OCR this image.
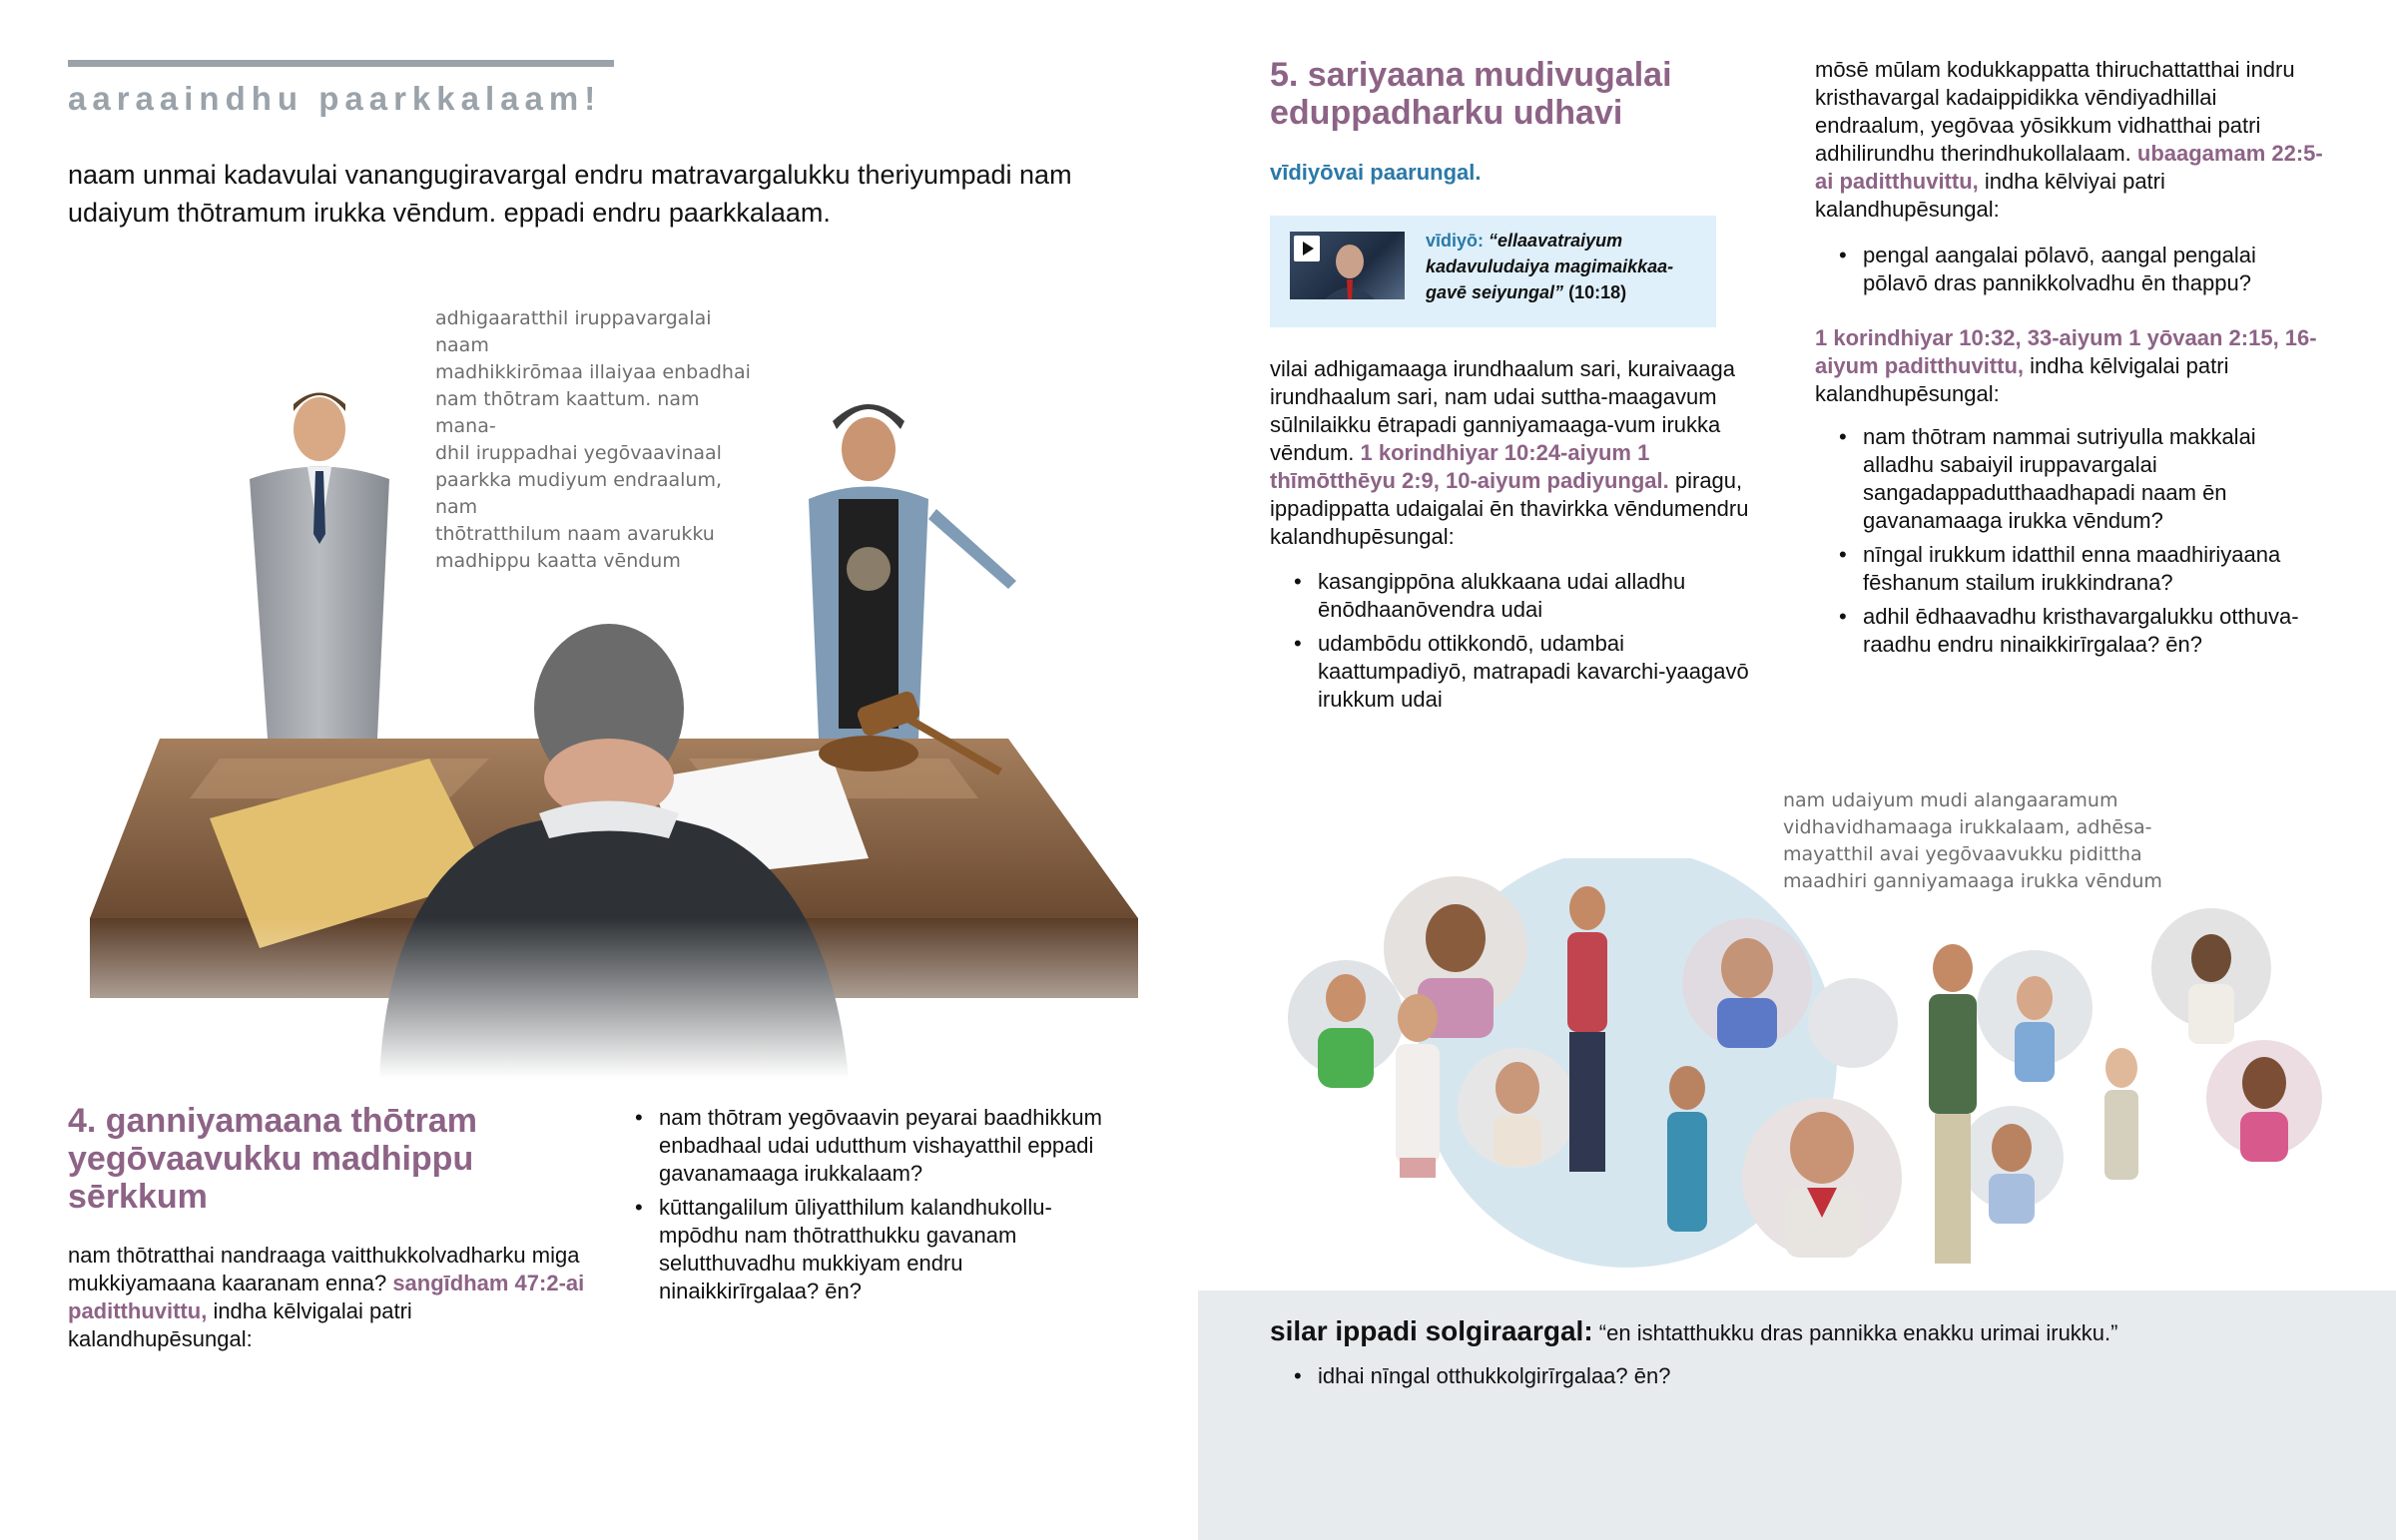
aaraaindhu paarkkalaam!

naam unmai kadavulai vanangugiravargal endru matravargalukku theriyumpadi nam udaiyum thōtramum irukka vēndum. eppadi endru paarkkalaam.

adhigaaratthil iruppavargalai naam
madhikkirōmaa illaiyaa enbadhai
nam thōtram kaattum. nam mana-
dhil iruppadhai yegōvaavinaal
paarkka mudiyum endraalum, nam
thōtratthilum naam avarukku
madhippu kaatta vēndum
4. ganniyamaana thōtram
yegōvaavukku madhippu
sērkkum

nam thōtratthai nandraaga vaitthukkolvadharku miga mukkiyamaana kaaranam enna? sangīdham 47:2-ai paditthuvittu, indha kēlvigalai patri kalandhupēsungal:

• nam thōtram yegōvaavin peyarai baadhikkum enbadhaal udai udutthum vishayatthil eppadi gavanamaaga irukkalaam?
• kūttangalilum ūliyatthilum kalandhukollu-mpōdhu nam thōtratthukku gavanam selutthuvadhu mukkiyam endru ninaikkirīrgalaa? ēn?
5. sariyaana mudivugalai
eduppadharku udhavi
vīdiyōvai paarungal.
vīdiyō: “ellaavatraiyum kadavuludaiya magimaikkaa-gavē seiyungal” (10:18)

vilai adhigamaaga irundhaalum sari, kuraivaaga irundhaalum sari, nam udai suttha-maagavum sūlnilaikku ētrapadi ganniyamaaga-vum irukka vēndum. 1 korindhiyar 10:24-aiyum 1 thīmōtthēyu 2:9, 10-aiyum padiyungal. piragu, ippadippatta udaigalai ēn thavirkka vēndumendru kalandhupēsungal:

• kasangippōna alukkaana udai alladhu ēnōdhaanōvendra udai
• udambōdu ottikkondō, udambai kaattumpadiyō, matrapadi kavarchi-yaagavō irukkum udai

mōsē mūlam kodukkappatta thiruchattatthai indru kristhavargal kadaippidikka vēndiyadhillai endraalum, yegōvaa yōsikkum vidhatthai patri adhilirundhu therindhukollalaam. ubaagamam 22:5-ai paditthuvittu, indha kēlviyai patri kalandhupēsungal:

• pengal aangalai pōlavō, aangal pengalai pōlavō dras pannikkolvadhu ēn thappu?

1 korindhiyar 10:32, 33-aiyum 1 yōvaan 2:15, 16-aiyum paditthuvittu, indha kēlvigalai patri kalandhupēsungal:

• nam thōtram nammai sutriyulla makkalai alladhu sabaiyil iruppavargalai sangadappadutthaadhapadi naam ēn gavanamaaga irukka vēndum?
• nīngal irukkum idatthil enna maadhiriyaana fēshanum stailum irukkindrana?
• adhil ēdhaavadhu kristhavargalukku otthuva-raadhu endru ninaikkirīrgalaa? ēn?
nam udaiyum mudi alangaaramum
vidhavidhamaaga irukkalaam, adhēsa-
mayatthil avai yegōvaavukku pidittha
maadhiri ganniyamaaga irukka vēndum
silar ippadi solgiraargal: “en ishtatthukku dras pannikka enakku urimai irukku.”
• idhai nīngal otthukkolgirīrgalaa? ēn?
